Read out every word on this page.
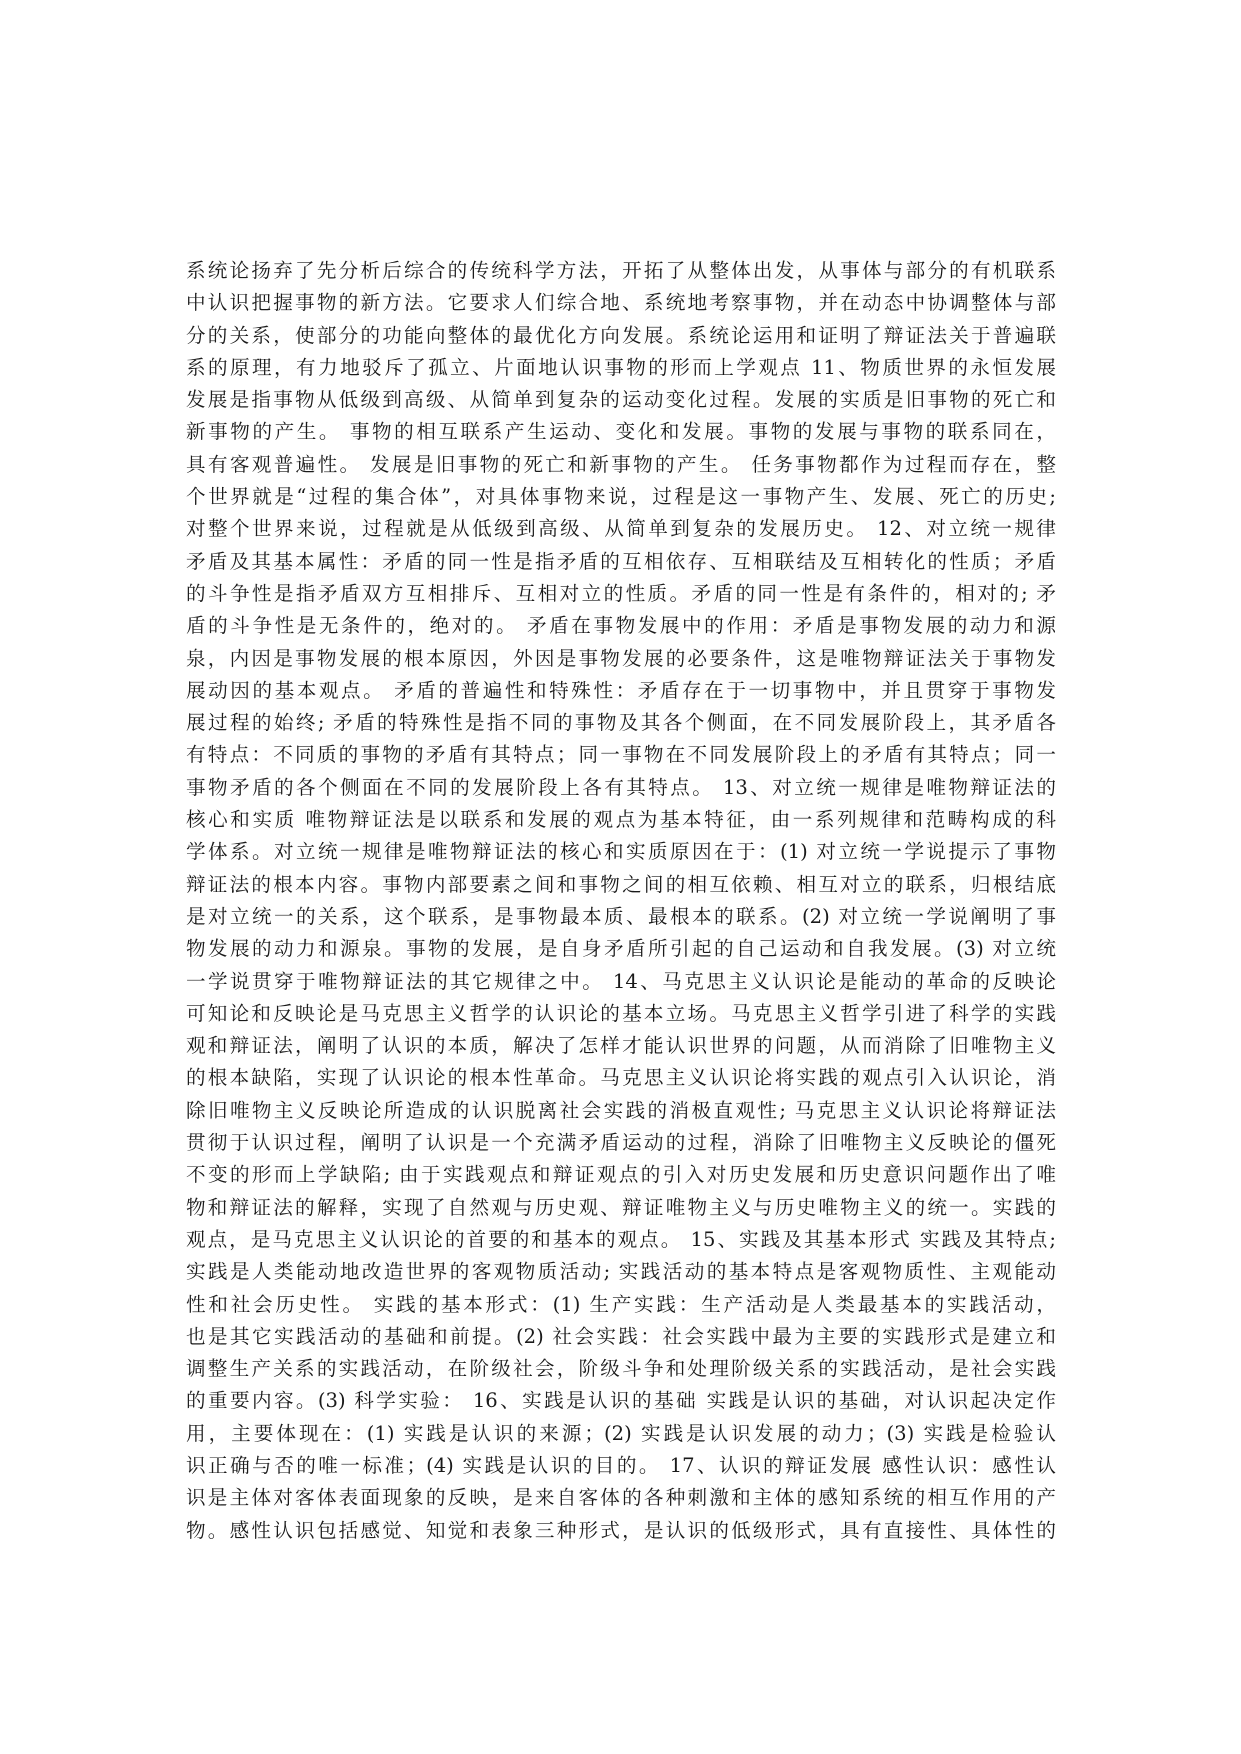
系统论扬弃了先分析后综合的传统科学方法，开拓了从整体出发，从事体与部分的有机联系
中认识把握事物的新方法。它要求人们综合地、系统地考察事物，并在动态中协调整体与部
分的关系，使部分的功能向整体的最优化方向发展。系统论运用和证明了辩证法关于普遍联
系的原理，有力地驳斥了孤立、片面地认识事物的形而上学观点 11、物质世界的永恒发展
发展是指事物从低级到高级、从简单到复杂的运动变化过程。发展的实质是旧事物的死亡和
新事物的产生。 事物的相互联系产生运动、变化和发展。事物的发展与事物的联系同在，
具有客观普遍性。 发展是旧事物的死亡和新事物的产生。 任务事物都作为过程而存在，整
个世界就是“过程的集合体”，对具体事物来说，过程是这一事物产生、发展、死亡的历史;
对整个世界来说，过程就是从低级到高级、从简单到复杂的发展历史。 12、对立统一规律
矛盾及其基本属性：矛盾的同一性是指矛盾的互相依存、互相联结及互相转化的性质；矛盾
的斗争性是指矛盾双方互相排斥、互相对立的性质。矛盾的同一性是有条件的，相对的; 矛
盾的斗争性是无条件的，绝对的。 矛盾在事物发展中的作用：矛盾是事物发展的动力和源
泉，内因是事物发展的根本原因，外因是事物发展的必要条件，这是唯物辩证法关于事物发
展动因的基本观点。 矛盾的普遍性和特殊性：矛盾存在于一切事物中，并且贯穿于事物发
展过程的始终; 矛盾的特殊性是指不同的事物及其各个侧面，在不同发展阶段上，其矛盾各
有特点：不同质的事物的矛盾有其特点；同一事物在不同发展阶段上的矛盾有其特点；同一
事物矛盾的各个侧面在不同的发展阶段上各有其特点。 13、对立统一规律是唯物辩证法的
核心和实质 唯物辩证法是以联系和发展的观点为基本特征，由一系列规律和范畴构成的科
学体系。对立统一规律是唯物辩证法的核心和实质原因在于：(1) 对立统一学说提示了事物
辩证法的根本内容。事物内部要素之间和事物之间的相互依赖、相互对立的联系，归根结底
是对立统一的关系，这个联系，是事物最本质、最根本的联系。(2) 对立统一学说阐明了事
物发展的动力和源泉。事物的发展，是自身矛盾所引起的自己运动和自我发展。(3) 对立统
一学说贯穿于唯物辩证法的其它规律之中。 14、马克思主义认识论是能动的革命的反映论
可知论和反映论是马克思主义哲学的认识论的基本立场。马克思主义哲学引进了科学的实践
观和辩证法，阐明了认识的本质，解决了怎样才能认识世界的问题，从而消除了旧唯物主义
的根本缺陷，实现了认识论的根本性革命。马克思主义认识论将实践的观点引入认识论，消
除旧唯物主义反映论所造成的认识脱离社会实践的消极直观性; 马克思主义认识论将辩证法
贯彻于认识过程，阐明了认识是一个充满矛盾运动的过程，消除了旧唯物主义反映论的僵死
不变的形而上学缺陷; 由于实践观点和辩证观点的引入对历史发展和历史意识问题作出了唯
物和辩证法的解释，实现了自然观与历史观、辩证唯物主义与历史唯物主义的统一。实践的
观点，是马克思主义认识论的首要的和基本的观点。 15、实践及其基本形式 实践及其特点;
实践是人类能动地改造世界的客观物质活动; 实践活动的基本特点是客观物质性、主观能动
性和社会历史性。 实践的基本形式：(1) 生产实践：生产活动是人类最基本的实践活动，
也是其它实践活动的基础和前提。(2) 社会实践：社会实践中最为主要的实践形式是建立和
调整生产关系的实践活动，在阶级社会，阶级斗争和处理阶级关系的实践活动，是社会实践
的重要内容。(3) 科学实验： 16、实践是认识的基础 实践是认识的基础，对认识起决定作
用，主要体现在：(1) 实践是认识的来源；(2) 实践是认识发展的动力；(3) 实践是检验认
识正确与否的唯一标准；(4) 实践是认识的目的。 17、认识的辩证发展 感性认识：感性认
识是主体对客体表面现象的反映，是来自客体的各种刺激和主体的感知系统的相互作用的产
物。感性认识包括感觉、知觉和表象三种形式，是认识的低级形式，具有直接性、具体性的
